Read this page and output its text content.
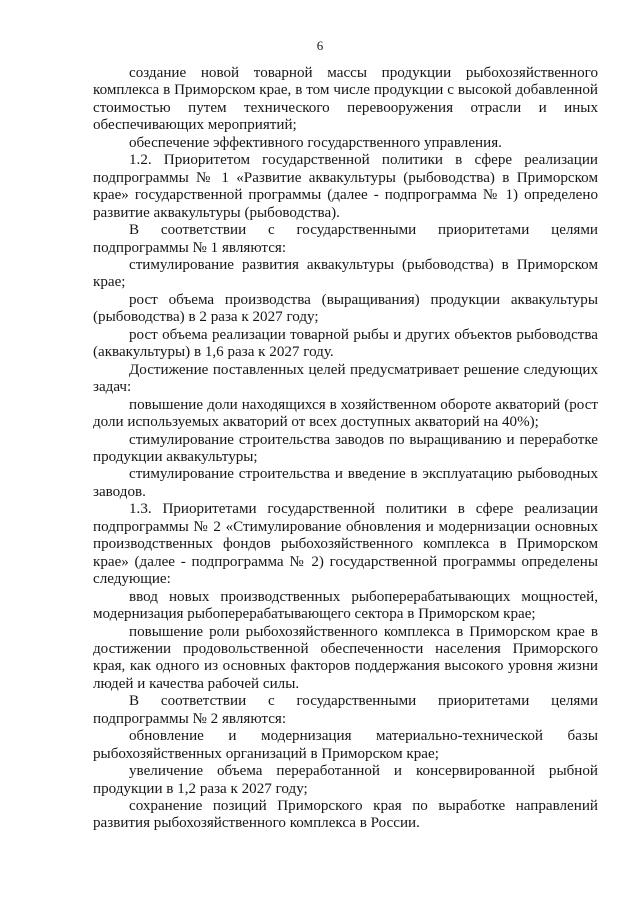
6

создание новой товарной массы продукции рыбохозяйственного комплекса в Приморском крае, в том числе продукции с высокой добавленной стоимостью путем технического перевооружения отрасли и иных обеспечивающих мероприятий;

обеспечение эффективного государственного управления.

1.2. Приоритетом государственной политики в сфере реализации подпрограммы № 1 «Развитие аквакультуры (рыбоводства) в Приморском крае» государственной программы (далее - подпрограмма № 1) определено развитие аквакультуры (рыбоводства).

В соответствии с государственными приоритетами целями подпрограммы № 1 являются:

стимулирование развития аквакультуры (рыбоводства) в Приморском крае;

рост объема производства (выращивания) продукции аквакультуры (рыбоводства) в 2 раза к 2027 году;

рост объема реализации товарной рыбы и других объектов рыбоводства (аквакультуры) в 1,6 раза к 2027 году.

Достижение поставленных целей предусматривает решение следующих задач:

повышение доли находящихся в хозяйственном обороте акваторий (рост доли используемых акваторий от всех доступных акваторий на 40%);

стимулирование строительства заводов по выращиванию и переработке продукции аквакультуры;

стимулирование строительства и введение в эксплуатацию рыбоводных заводов.

1.3. Приоритетами государственной политики в сфере реализации подпрограммы № 2 «Стимулирование обновления и модернизации основных производственных фондов рыбохозяйственного комплекса в Приморском крае» (далее - подпрограмма № 2) государственной программы определены следующие:

ввод новых производственных рыбоперерабатывающих мощностей, модернизация рыбоперерабатывающего сектора в Приморском крае;

повышение роли рыбохозяйственного комплекса в Приморском крае в достижении продовольственной обеспеченности населения Приморского края, как одного из основных факторов поддержания высокого уровня жизни людей и качества рабочей силы.

В соответствии с государственными приоритетами целями подпрограммы № 2 являются:

обновление и модернизация материально-технической базы рыбохозяйственных организаций в Приморском крае;

увеличение объема переработанной и консервированной рыбной продукции в 1,2 раза к 2027 году;

сохранение позиций Приморского края по выработке направлений развития рыбохозяйственного комплекса в России.
